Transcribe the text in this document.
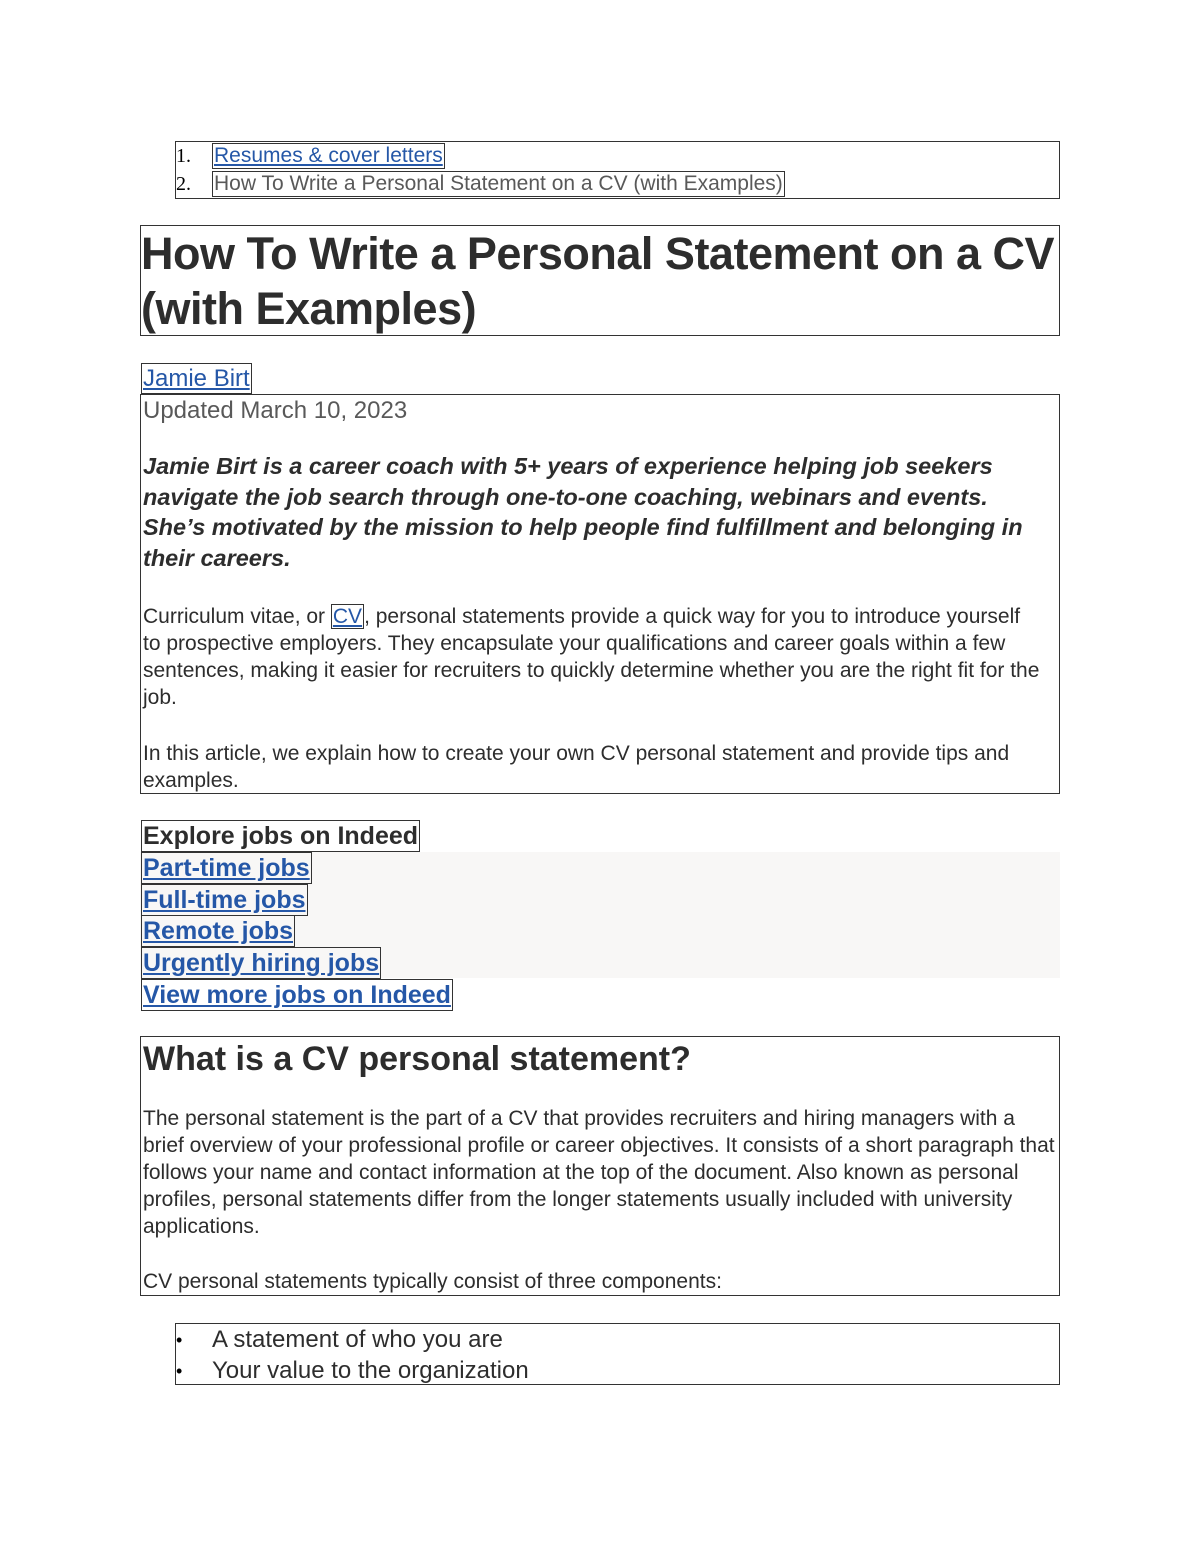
1.	Resumes & cover letters
2.	How To Write a Personal Statement on a CV (with Examples)
How To Write a Personal Statement on a CV (with Examples)
Jamie Birt
Updated March 10, 2023

Jamie Birt is a career coach with 5+ years of experience helping job seekers navigate the job search through one-to-one coaching, webinars and events. She’s motivated by the mission to help people find fulfillment and belonging in their careers.

Curriculum vitae, or CV, personal statements provide a quick way for you to introduce yourself to prospective employers. They encapsulate your qualifications and career goals within a few sentences, making it easier for recruiters to quickly determine whether you are the right fit for the job.

In this article, we explain how to create your own CV personal statement and provide tips and examples.

Explore jobs on Indeed
Part-time jobs
Full-time jobs
Remote jobs
Urgently hiring jobs
View more jobs on Indeed
What is a CV personal statement?

The personal statement is the part of a CV that provides recruiters and hiring managers with a brief overview of your professional profile or career objectives. It consists of a short paragraph that follows your name and contact information at the top of the document. Also known as personal profiles, personal statements differ from the longer statements usually included with university applications.

CV personal statements typically consist of three components:

• A statement of who you are
• Your value to the organization
